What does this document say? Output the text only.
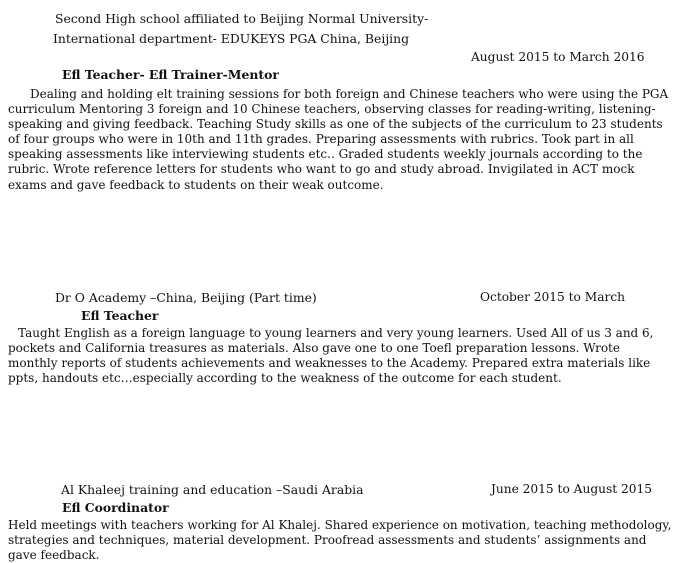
Second High school affiliated to Beijing Normal University-
International department- EDUKEYS PGA China, Beijing
August 2015 to March 2016
Efl Teacher- Efl Trainer-Mentor
Dealing and holding elt training sessions for both foreign and Chinese teachers who were using the PGA curriculum Mentoring 3 foreign and 10 Chinese teachers, observing classes for reading-writing, listening-speaking and giving feedback. Teaching Study skills as one of the subjects of the curriculum to 23 students of four groups who were in 10th and 11th grades. Preparing assessments with rubrics. Took part in all speaking assessments like interviewing students etc.. Graded students weekly journals according to the rubric. Wrote reference letters for students who want to go and study abroad. Invigilated in ACT mock exams and gave feedback to students on their weak outcome.
Dr O Academy –China, Beijing (Part time)	October 2015 to March
Efl Teacher
Taught English as a foreign language to young learners and very young learners. Used All of us 3 and 6, pockets and California treasures as materials. Also gave one to one Toefl preparation lessons. Wrote monthly reports of students achievements and weaknesses to the Academy. Prepared extra materials like ppts, handouts etc…especially according to the weakness of the outcome for each student.
Al Khaleej training and education –Saudi Arabia	June 2015 to August 2015
Efl Coordinator
Held meetings with teachers working for Al Khalej. Shared experience on motivation, teaching methodology, strategies and techniques, material development. Proofread assessments and students’ assignments and gave feedback.
